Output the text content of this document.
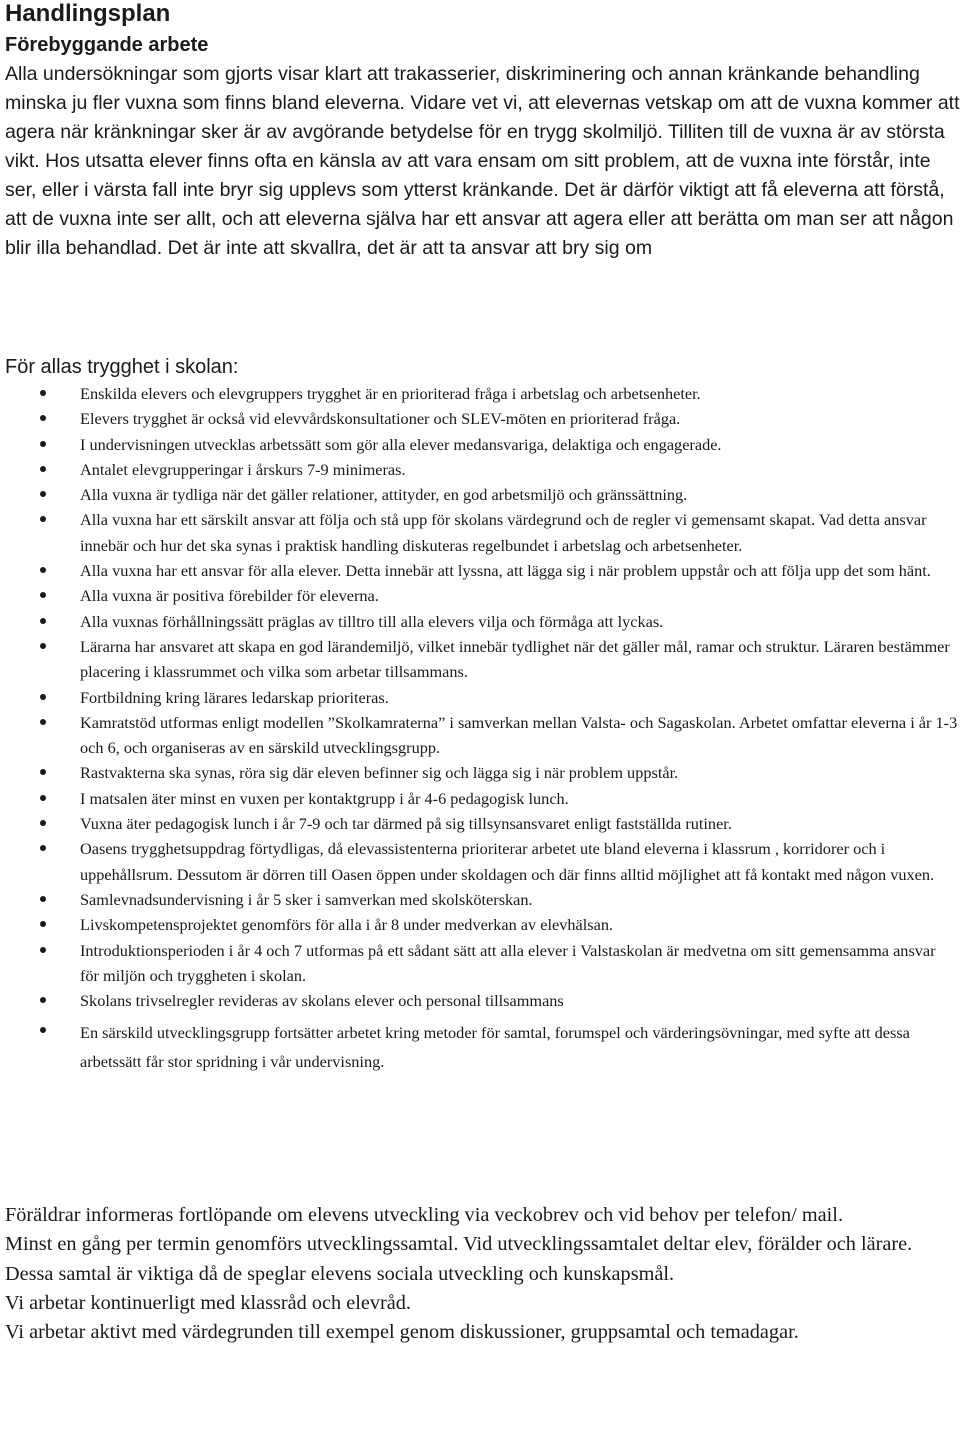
Handlingsplan
Förebyggande arbete

Alla undersökningar som gjorts visar klart att trakasserier, diskriminering och annan kränkande behandling minska ju fler vuxna som finns bland eleverna. Vidare vet vi, att elevernas vetskap om att de vuxna kommer att agera när kränkningar sker är av avgörande betydelse för en trygg skolmiljö. Tilliten till de vuxna är av största vikt. Hos utsatta elever finns ofta en känsla av att vara ensam om sitt problem, att de vuxna inte förstår, inte ser, eller i värsta fall inte bryr sig upplevs som ytterst kränkande. Det är därför viktigt att få eleverna att förstå, att de vuxna inte ser allt, och att eleverna själva har ett ansvar att agera eller att berätta om man ser att någon blir illa behandlad. Det är inte att skvallra, det är att ta ansvar att bry sig om

För allas trygghet i skolan:
Enskilda elevers och elevgruppers trygghet är en prioriterad fråga i arbetslag och arbetsenheter.
Elevers trygghet är också vid elevvårdskonsultationer och SLEV-möten en prioriterad fråga.
I undervisningen utvecklas arbetssätt som gör alla elever medansvariga, delaktiga och engagerade.
Antalet elevgrupperingar i årskurs 7-9 minimeras.
Alla vuxna är tydliga när det gäller relationer, attityder, en god arbetsmiljö och gränssättning.
Alla vuxna har ett särskilt ansvar att följa och stå upp för skolans värdegrund och de regler vi gemensamt skapat. Vad detta ansvar innebär och hur det ska synas i praktisk handling diskuteras regelbundet i arbetslag och arbetsenheter.
Alla vuxna har ett ansvar för alla elever. Detta innebär att lyssna, att lägga sig i när problem uppstår och att följa upp det som hänt.
Alla vuxna är positiva förebilder för eleverna.
Alla vuxnas förhållningssätt präglas av tilltro till alla elevers vilja och förmåga att lyckas.
Lärarna har ansvaret att skapa en god lärandemiljö, vilket innebär tydlighet när det gäller mål, ramar och struktur. Läraren bestämmer placering i klassrummet och vilka som arbetar tillsammans.
Fortbildning kring lärares ledarskap prioriteras.
Kamratstöd utformas enligt modellen ”Skolkamraterna” i samverkan mellan Valsta- och Sagaskolan. Arbetet omfattar eleverna i år 1-3 och 6, och organiseras av en särskild utvecklingsgrupp.
Rastvakterna ska synas, röra sig där eleven befinner sig och lägga sig i när problem uppstår.
I matsalen äter minst en vuxen per kontaktgrupp i år 4-6 pedagogisk lunch.
Vuxna äter pedagogisk lunch i år 7-9 och tar därmed på sig tillsynsansvaret enligt fastställda rutiner.
Oasens trygghetsuppdrag förtydligas, då elevassistenterna prioriterar arbetet ute bland eleverna i klassrum , korridorer och i uppehållsrum. Dessutom är dörren till Oasen öppen under skoldagen och där finns alltid möjlighet att få kontakt med någon vuxen.
Samlevnadsundervisning i år 5 sker i samverkan med skolsköterskan.
Livskompetensprojektet genomförs för alla i år 8 under medverkan av elevhälsan.
Introduktionsperioden i år 4 och 7 utformas på ett sådant sätt att alla elever i Valstaskolan är medvetna om sitt gemensamma ansvar för miljön och tryggheten i skolan.
Skolans trivselregler revideras av skolans elever och personal tillsammans
En särskild utvecklingsgrupp fortsätter arbetet kring metoder för samtal, forumspel och värderingsövningar, med syfte att dessa arbetssätt får stor spridning i vår undervisning.

Föräldrar informeras fortlöpande om elevens utveckling via veckobrev och vid behov per telefon/ mail.

Minst en gång per termin genomförs utvecklingssamtal. Vid utvecklingssamtalet deltar elev, förälder och lärare.

Dessa samtal är viktiga då de speglar elevens sociala utveckling och kunskapsmål.

Vi arbetar kontinuerligt med klassråd och elevråd.

Vi arbetar aktivt med värdegrunden till exempel genom diskussioner, gruppsamtal och temadagar.
